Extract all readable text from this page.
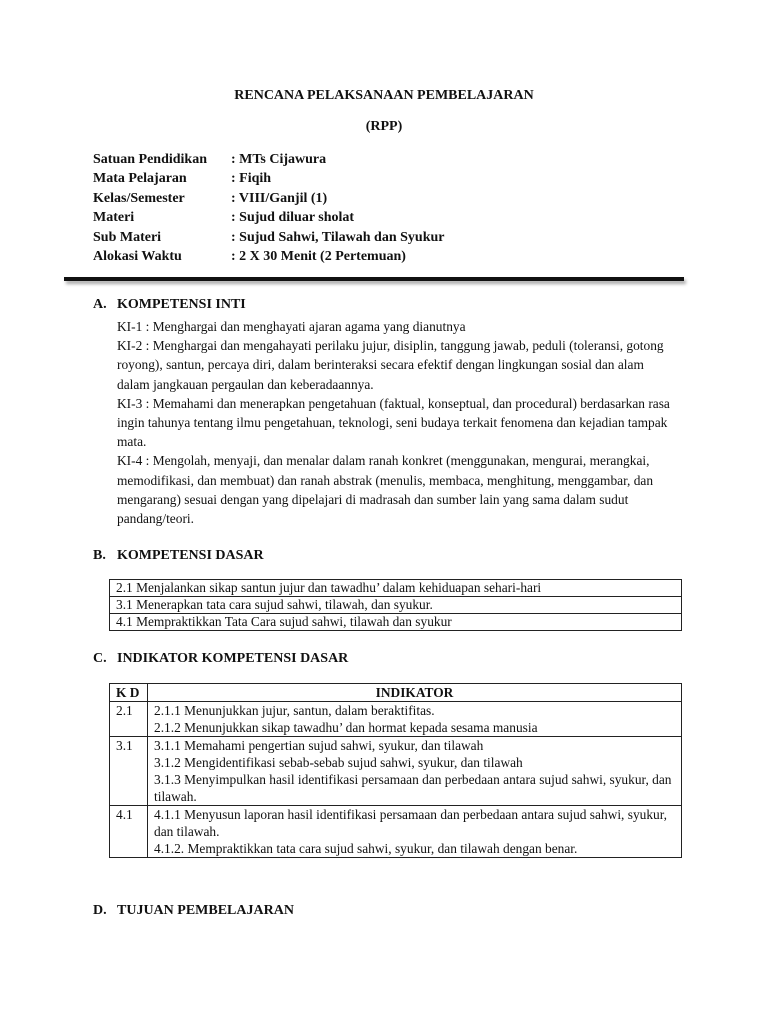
RENCANA PELAKSANAAN PEMBELAJARAN
(RPP)
Satuan Pendidikan : MTs Cijawura
Mata Pelajaran	: Fiqih
Kelas/Semester	: VIII/Ganjil (1)
Materi	: Sujud diluar sholat
Sub Materi	: Sujud Sahwi, Tilawah dan Syukur
Alokasi Waktu	: 2 X 30 Menit (2 Pertemuan)
A. KOMPETENSI INTI

KI-1 : Menghargai dan menghayati ajaran agama yang dianutnya

KI-2 : Menghargai dan mengahayati perilaku jujur, disiplin, tanggung jawab, peduli (toleransi, gotong royong), santun, percaya diri, dalam berinteraksi secara efektif dengan lingkungan sosial dan alam dalam jangkauan pergaulan dan keberadaannya.

KI-3 : Memahami dan menerapkan pengetahuan (faktual, konseptual, dan procedural) berdasarkan rasa ingin tahunya tentang ilmu pengetahuan, teknologi, seni budaya terkait fenomena dan kejadian tampak mata.

KI-4 : Mengolah, menyaji, dan menalar dalam ranah konkret (menggunakan, mengurai, merangkai, memodifikasi, dan membuat) dan ranah abstrak (menulis, membaca, menghitung, menggambar, dan mengarang) sesuai dengan yang dipelajari di madrasah dan sumber lain yang sama dalam sudut pandang/teori.

B. KOMPETENSI DASAR
2.1 Menjalankan sikap santun jujur dan tawadhu’ dalam kehiduapan sehari-hari
3.1 Menerapkan tata cara sujud sahwi, tilawah, dan syukur.
4.1 Mempraktikkan Tata Cara sujud sahwi, tilawah dan syukur
C. INDIKATOR KOMPETENSI DASAR
K D	INDIKATOR
2.1	2.1.1 Menunjukkan jujur, santun, dalam beraktifitas.
2.1.2 Menunjukkan sikap tawadhu’ dan hormat kepada sesama manusia

3.1	3.1.1 Memahami pengertian sujud sahwi, syukur, dan tilawah
3.1.2 Mengidentifikasi sebab-sebab sujud sahwi, syukur, dan tilawah
3.1.3 Menyimpulkan hasil identifikasi persamaan dan perbedaan antara sujud sahwi, syukur, dan tilawah.

4.1	4.1.1 Menyusun laporan hasil identifikasi persamaan dan perbedaan antara sujud sahwi, syukur, dan tilawah.
4.1.2. Mempraktikkan tata cara sujud sahwi, syukur, dan tilawah dengan benar.
D. TUJUAN PEMBELAJARAN
